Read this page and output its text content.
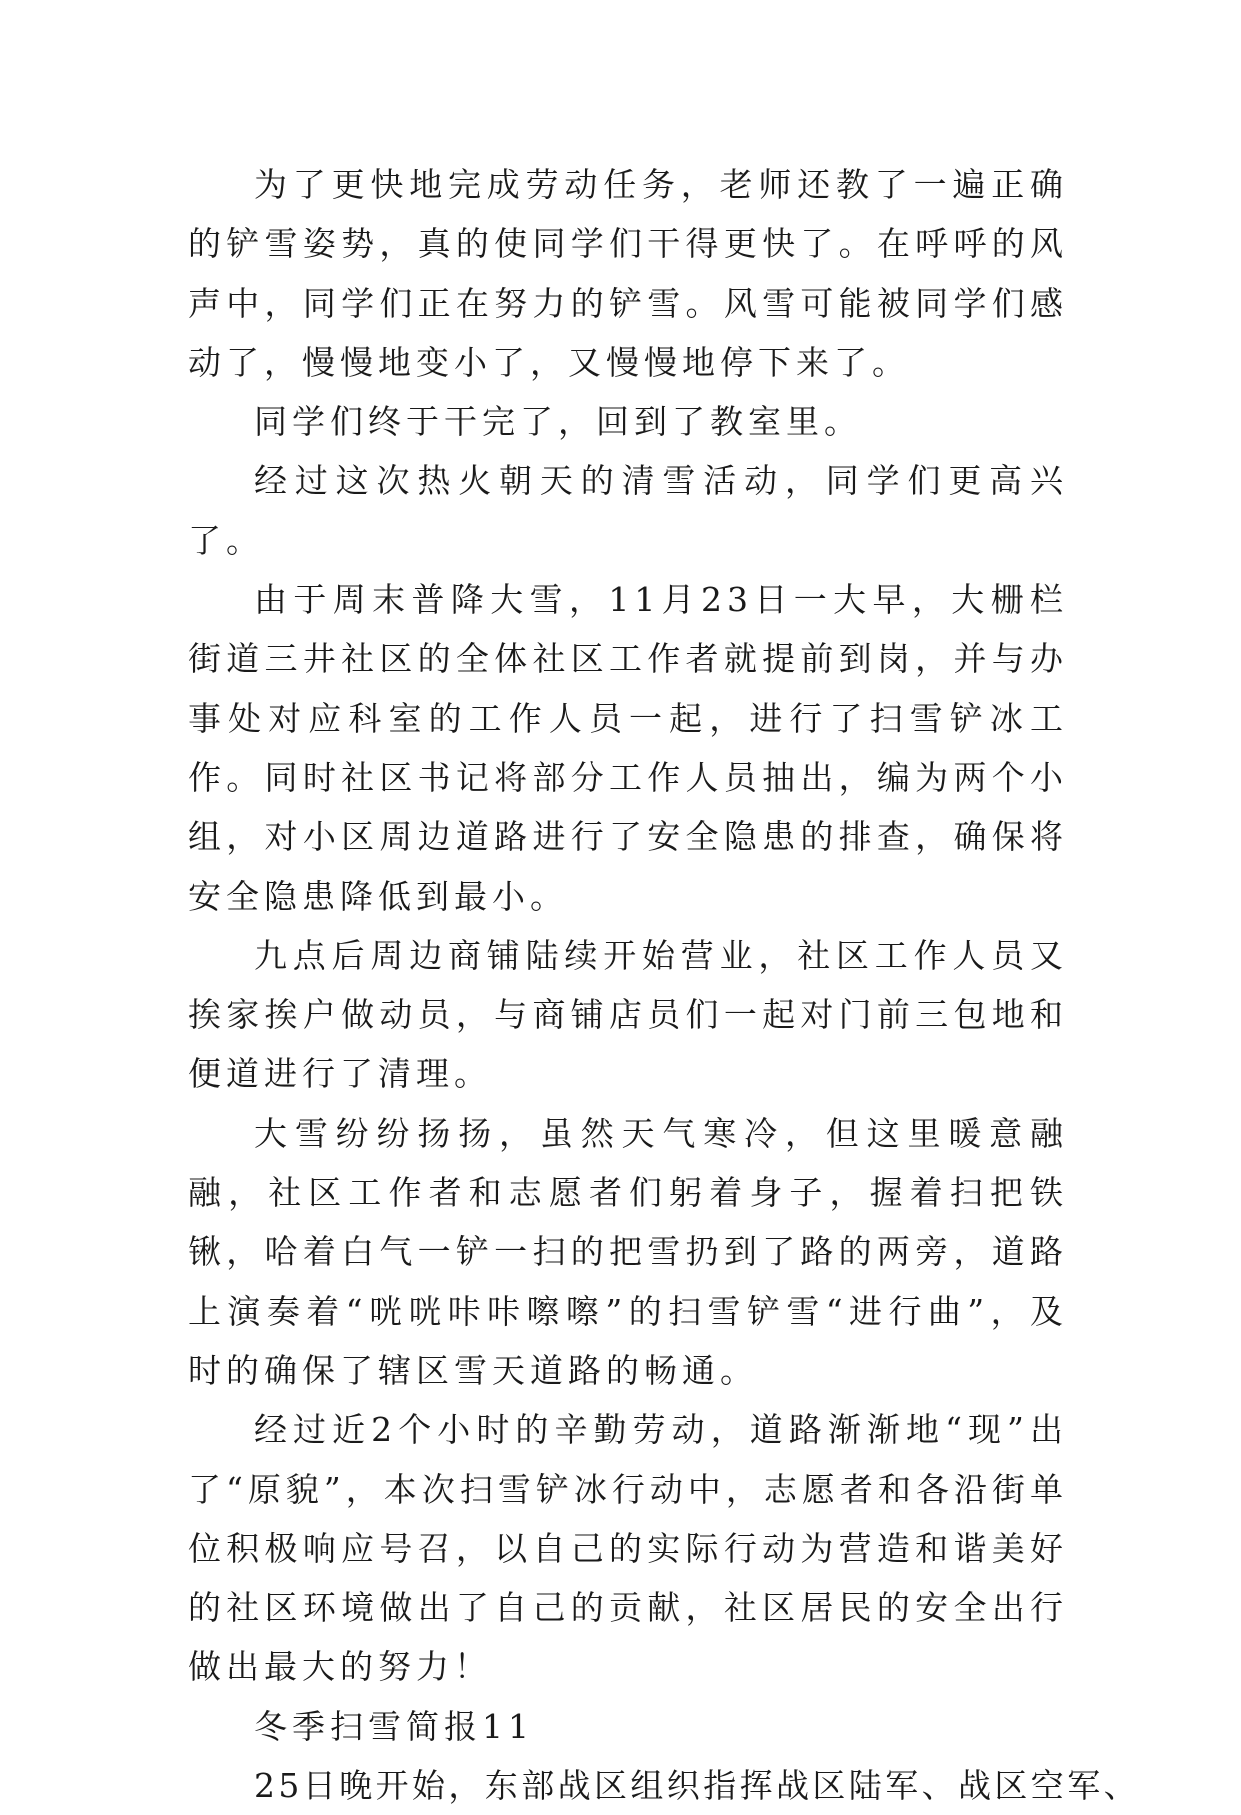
为了更快地完成劳动任务，老师还教了一遍正确的铲雪姿势，真的使同学们干得更快了。在呼呼的风声中，同学们正在努力的铲雪。风雪可能被同学们感动了，慢慢地变小了，又慢慢地停下来了。

同学们终于干完了，回到了教室里。

经过这次热火朝天的清雪活动，同学们更高兴了。

由于周末普降大雪，11月23日一大早，大栅栏街道三井社区的全体社区工作者就提前到岗，并与办事处对应科室的工作人员一起，进行了扫雪铲冰工作。同时社区书记将部分工作人员抽出，编为两个小组，对小区周边道路进行了安全隐患的排查，确保将安全隐患降低到最小。

九点后周边商铺陆续开始营业，社区工作人员又挨家挨户做动员，与商铺店员们一起对门前三包地和便道进行了清理。

大雪纷纷扬扬，虽然天气寒冷，但这里暖意融融，社区工作者和志愿者们躬着身子，握着扫把铁锹，哈着白气一铲一扫的把雪扔到了路的两旁，道路上演奏着“咣咣咔咔嚓嚓”的扫雪铲雪“进行曲”，及时的确保了辖区雪天道路的畅通。

经过近2个小时的辛勤劳动，道路渐渐地“现”出了“原貌”，本次扫雪铲冰行动中，志愿者和各沿街单位积极响应号召，以自己的实际行动为营造和谐美好的社区环境做出了自己的贡献，社区居民的安全出行做出最大的努力！

冬季扫雪简报11

25日晚开始，东部战区组织指挥战区陆军、战区空军、
